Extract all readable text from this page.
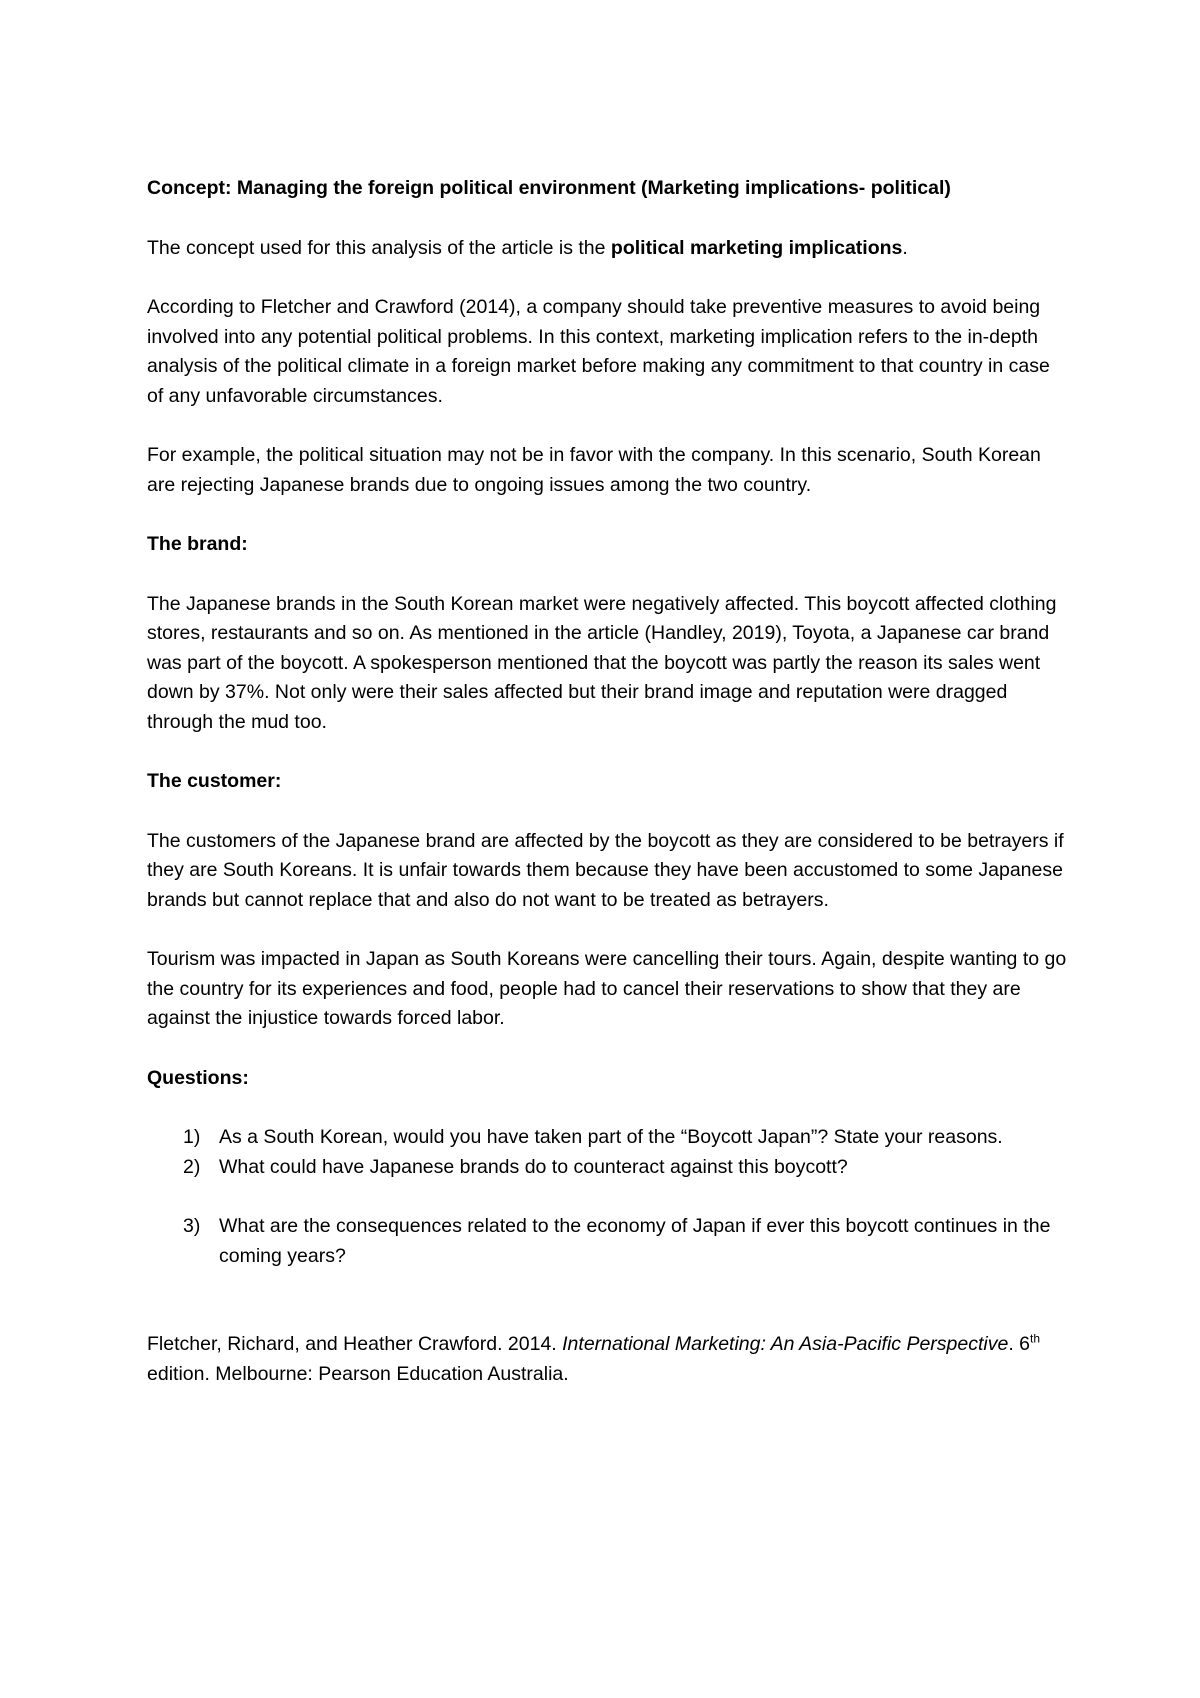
Concept: Managing the foreign political environment (Marketing implications- political)

The concept used for this analysis of the article is the political marketing implications.

According to Fletcher and Crawford (2014), a company should take preventive measures to avoid being involved into any potential political problems. In this context, marketing implication refers to the in-depth analysis of the political climate in a foreign market before making any commitment to that country in case of any unfavorable circumstances.

For example, the political situation may not be in favor with the company. In this scenario, South Korean are rejecting Japanese brands due to ongoing issues among the two country.

The brand:

The Japanese brands in the South Korean market were negatively affected. This boycott affected clothing stores, restaurants and so on. As mentioned in the article (Handley, 2019), Toyota, a Japanese car brand was part of the boycott. A spokesperson mentioned that the boycott was partly the reason its sales went down by 37%. Not only were their sales affected but their brand image and reputation were dragged through the mud too.

The customer:

The customers of the Japanese brand are affected by the boycott as they are considered to be betrayers if they are South Koreans. It is unfair towards them because they have been accustomed to some Japanese brands but cannot replace that and also do not want to be treated as betrayers.

Tourism was impacted in Japan as South Koreans were cancelling their tours. Again, despite wanting to go the country for its experiences and food, people had to cancel their reservations to show that they are against the injustice towards forced labor.

Questions:

1) As a South Korean, would you have taken part of the “Boycott Japan”? State your reasons.
2) What could have Japanese brands do to counteract against this boycott?
3) What are the consequences related to the economy of Japan if ever this boycott continues in the coming years?

Fletcher, Richard, and Heather Crawford. 2014. International Marketing: An Asia-Pacific Perspective. 6th edition. Melbourne: Pearson Education Australia.
